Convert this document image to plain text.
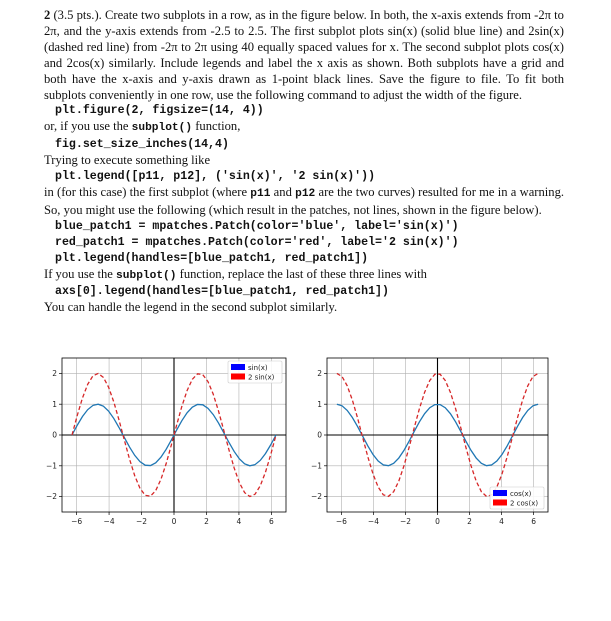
2 (3.5 pts.). Create two subplots in a row, as in the figure below. In both, the x-axis extends from -2π to 2π, and the y-axis extends from -2.5 to 2.5. The first subplot plots sin(x) (solid blue line) and 2sin(x) (dashed red line) from -2π to 2π using 40 equally spaced values for x. The second subplot plots cos(x) and 2cos(x) similarly. Include legends and label the x axis as shown. Both subplots have a grid and both have the x-axis and y-axis drawn as 1-point black lines. Save the figure to file. To fit both subplots conveniently in one row, use the following command to adjust the width of the figure.

plt.figure(2, figsize=(14, 4))

or, if you use the subplot() function,

fig.set_size_inches(14,4)

Trying to execute something like

plt.legend([p11, p12], ('sin(x)', '2 sin(x)'))

in (for this case) the first subplot (where p11 and p12 are the two curves) resulted for me in a warning. So, you might use the following (which result in the patches, not lines, shown in the figure below).

blue_patch1 = mpatches.Patch(color='blue', label='sin(x)')
red_patch1 = mpatches.Patch(color='red', label='2 sin(x)')
plt.legend(handles=[blue_patch1, red_patch1])

If you use the subplot() function, replace the last of these three lines with

axs[0].legend(handles=[blue_patch1, red_patch1])

You can handle the legend in the second subplot similarly.

−6	−4	−2	0	2	4	6
2
1
0
−1
−2
sin(x)
2 sin(x)
−6	−4	−2	0	2	4	6
2
1
0
−1
−2	cos(x)
2 cos(x)
